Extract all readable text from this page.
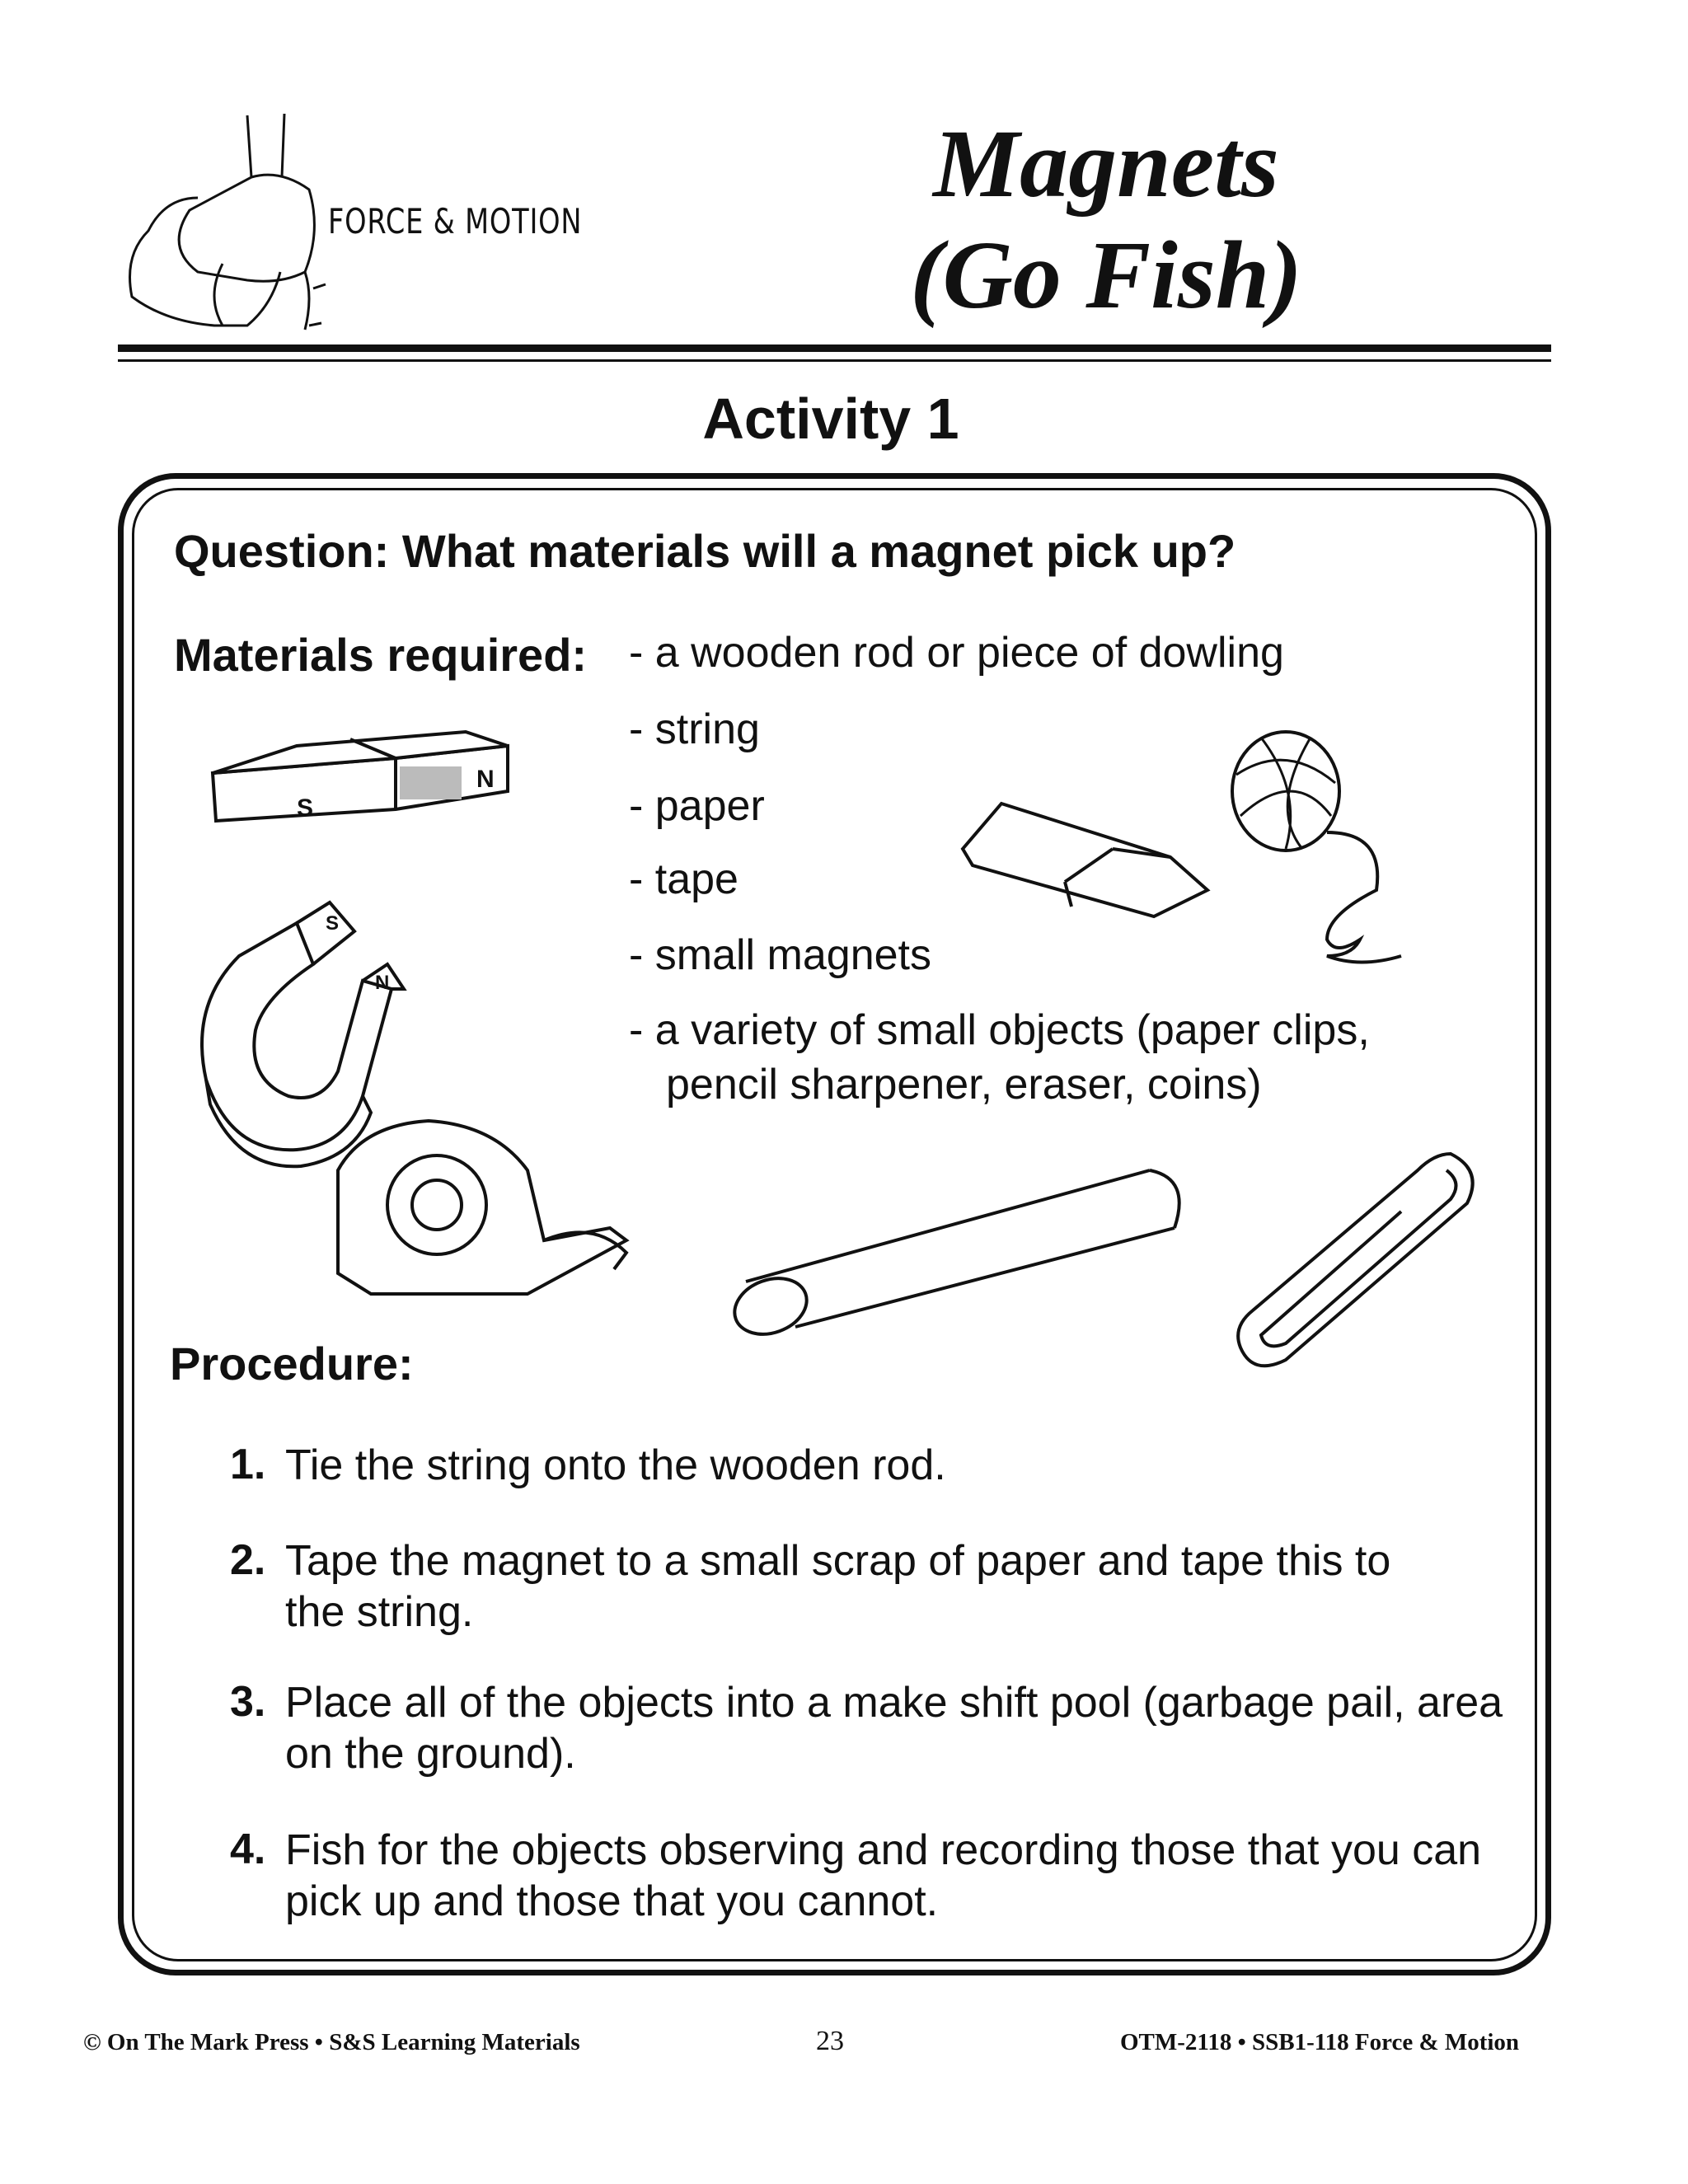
S
N
S
N
FORCE & MOTION
Magnets
(Go Fish)
Activity 1
Question: What materials will a magnet pick up?
Materials required: - a wooden rod or piece of dowling
- string
- paper
- tape
- small magnets
- a variety of small objects (paper clips,
pencil sharpener, eraser, coins)
Procedure:
1. Tie the string onto the wooden rod.
2. Tape the magnet to a small scrap of paper and tape this to the string.
3. Place all of the objects into a make shift pool (garbage pail, area on the ground).
4. Fish for the objects observing and recording those that you can pick up and those that you cannot.
© On The Mark Press • S&S Learning Materials	23	OTM-2118 • SSB1-118 Force & Motion
